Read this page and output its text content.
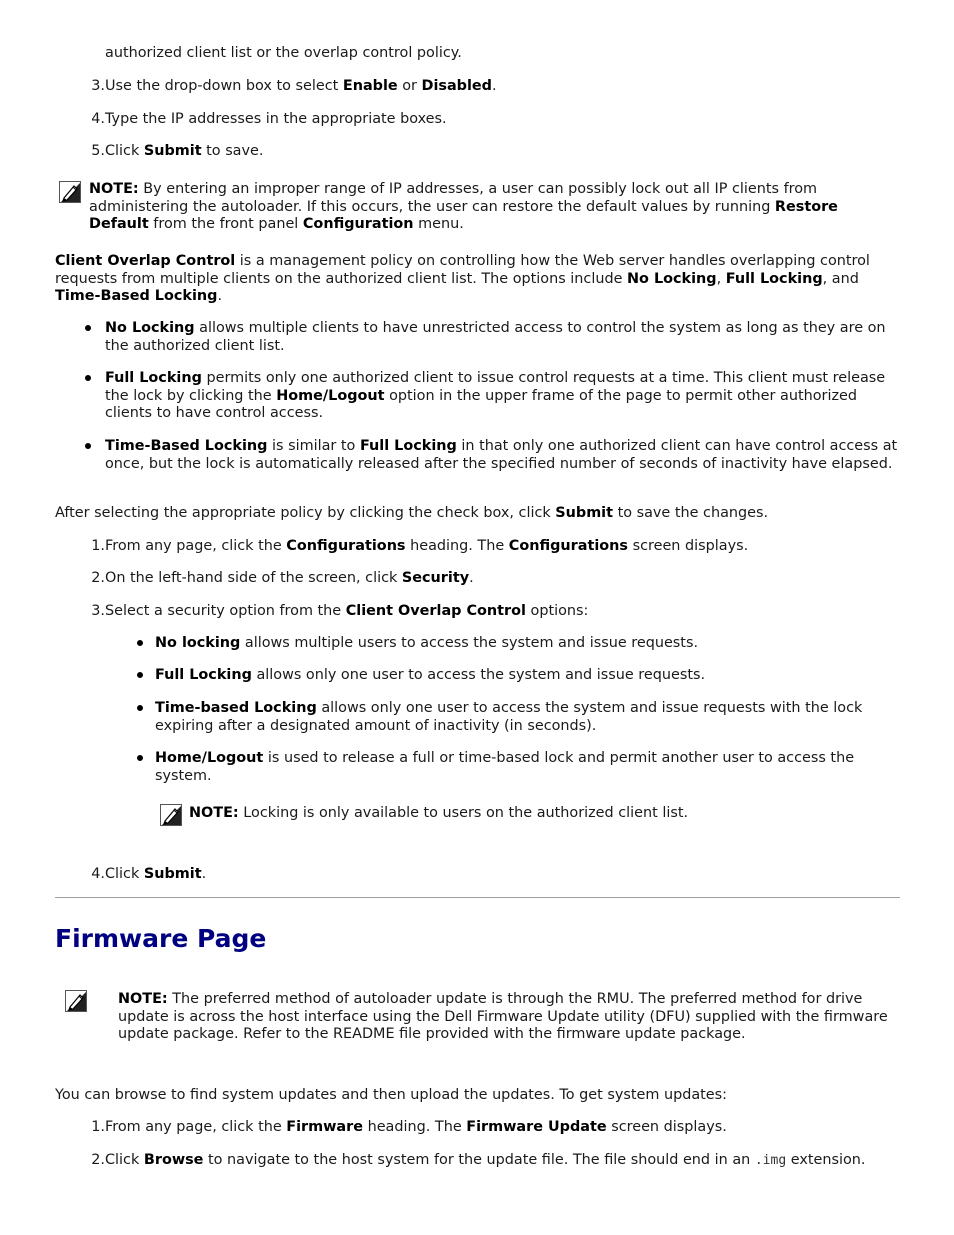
authorized client list or the overlap control policy.

3. Use the drop-down box to select Enable or Disabled.

4. Type the IP addresses in the appropriate boxes.

5. Click Submit to save.

NOTE: By entering an improper range of IP addresses, a user can possibly lock out all IP clients from administering the autoloader. If this occurs, the user can restore the default values by running Restore Default from the front panel Configuration menu.

Client Overlap Control is a management policy on controlling how the Web server handles overlapping control requests from multiple clients on the authorized client list. The options include No Locking, Full Locking, and Time-Based Locking.

No Locking allows multiple clients to have unrestricted access to control the system as long as they are on the authorized client list.

Full Locking permits only one authorized client to issue control requests at a time. This client must release the lock by clicking the Home/Logout option in the upper frame of the page to permit other authorized clients to have control access.

Time-Based Locking is similar to Full Locking in that only one authorized client can have control access at once, but the lock is automatically released after the specified number of seconds of inactivity have elapsed.

After selecting the appropriate policy by clicking the check box, click Submit to save the changes.

1. From any page, click the Configurations heading. The Configurations screen displays.

2. On the left-hand side of the screen, click Security.

3. Select a security option from the Client Overlap Control options:

No locking allows multiple users to access the system and issue requests.

Full Locking allows only one user to access the system and issue requests.

Time-based Locking allows only one user to access the system and issue requests with the lock expiring after a designated amount of inactivity (in seconds).

Home/Logout is used to release a full or time-based lock and permit another user to access the system.

NOTE: Locking is only available to users on the authorized client list.

4. Click Submit.

Firmware Page

NOTE: The preferred method of autoloader update is through the RMU. The preferred method for drive update is across the host interface using the Dell Firmware Update utility (DFU) supplied with the firmware update package. Refer to the README file provided with the firmware update package.

You can browse to find system updates and then upload the updates. To get system updates:

1. From any page, click the Firmware heading. The Firmware Update screen displays.

2. Click Browse to navigate to the host system for the update file. The file should end in an .img extension.
